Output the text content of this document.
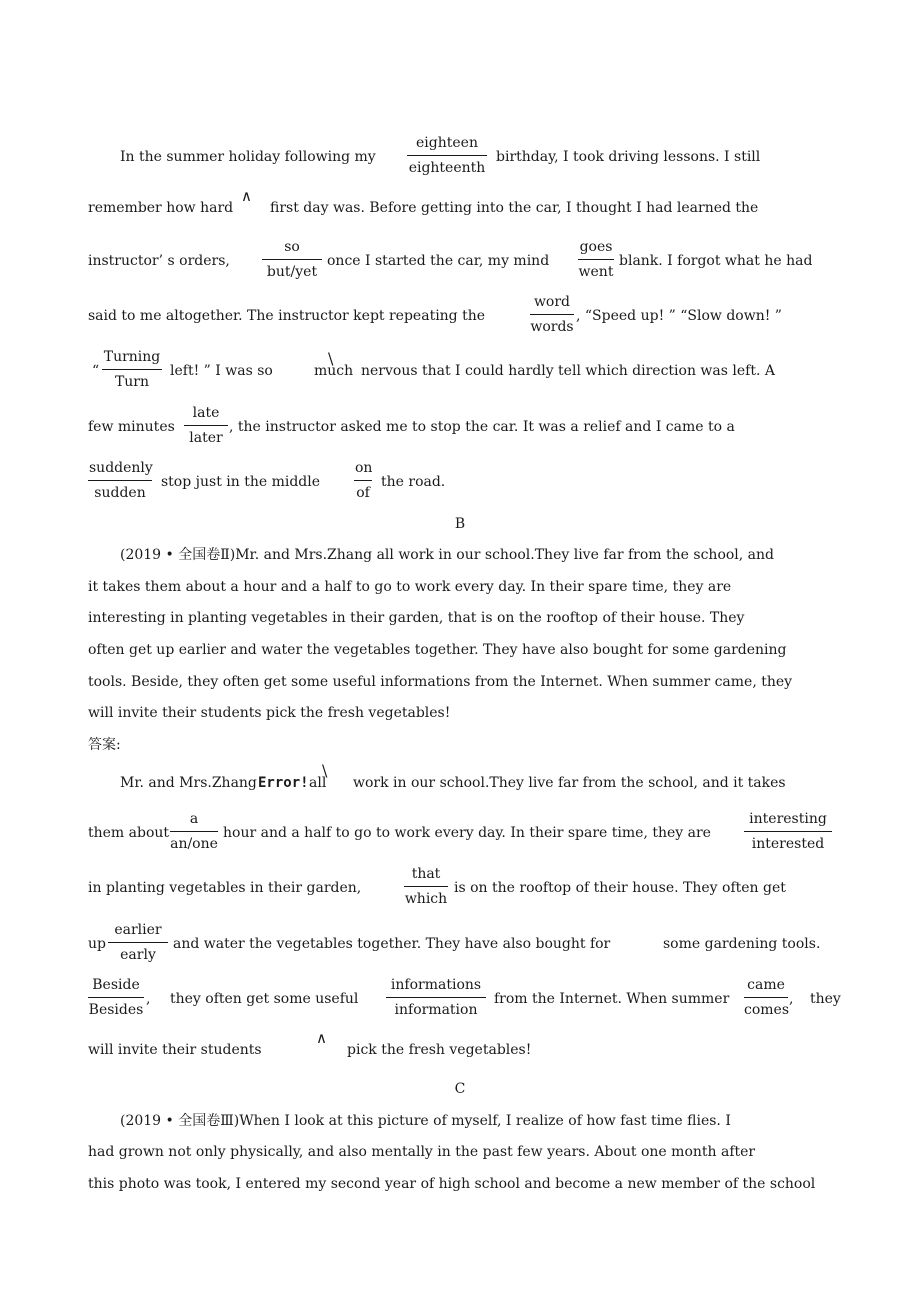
In the summer holiday following my
eighteen
eighteenth
birthday, I took driving lessons. I still
remember how hard
∧
first day was. Before getting into the car, I thought I had learned the
instructor’ s orders,
so
but/yet
once I started the car, my mind
goes
went
blank. I forgot what he had
said to me altogether. The instructor kept repeating the
word
words
, “Speed up! ” “Slow down! ”
“
Turning
Turn
left! ” I was so	much
\
nervous that I could hardly tell which direction was left. A
few minutes
late
later
, the instructor asked me to stop the car. It was a relief and I came to a
suddenly
sudden
stop just in the middle
on
of
the road.
B
(2019 • 全国卷Ⅱ)Mr. and Mrs.Zhang all work in our school.They live far from the school, and
it takes them about a hour and a half to go to work every day. In their spare time, they are
interesting in planting vegetables in their garden, that is on the rooftop of their house. They
often get up earlier and water the vegetables together. They have also bought for some gardening
tools. Beside, they often get some useful informations from the Internet. When summer came, they
will invite their students pick the fresh vegetables!
答案:
Mr. and Mrs.Zhang Error! all
\
work in our school.They live far from the school, and it takes
them about
a
an/one
hour and a half to go to work every day. In their spare time, they are
interesting
interested
in planting vegetables in their garden,
that
which
is on the rooftop of their house. They often get
up
earlier
early
and water the vegetables together. They have also bought for	some gardening tools.
Beside
Besides
, they often get some useful
informations
information
from the Internet. When summer
came
comes
, they
will invite their students
∧
pick the fresh vegetables!
C
(2019 • 全国卷Ⅲ)When I look at this picture of myself, I realize of how fast time flies. I
had grown not only physically, and also mentally in the past few years. About one month after
this photo was took, I entered my second year of high school and become a new member of the school
